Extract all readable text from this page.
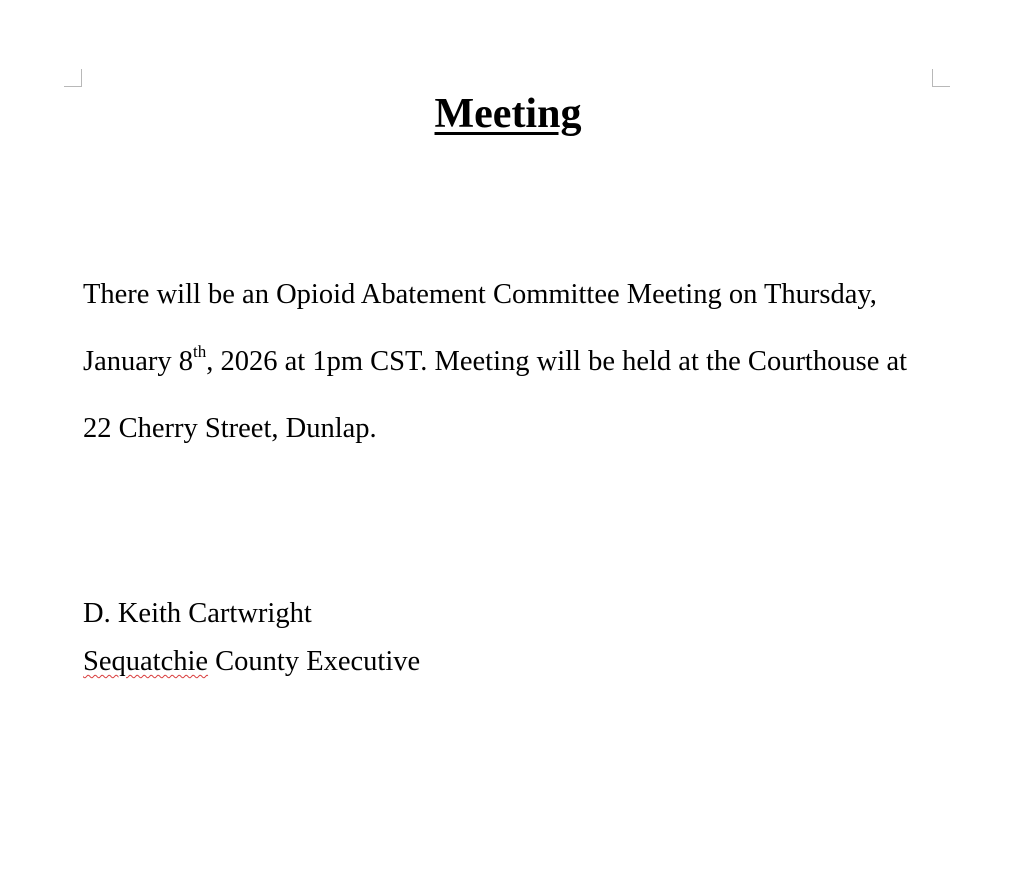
Meeting

There will be an Opioid Abatement Committee Meeting on Thursday,
January 8th, 2026 at 1pm CST. Meeting will be held at the Courthouse at
22 Cherry Street, Dunlap.

D. Keith Cartwright

Sequatchie County Executive
